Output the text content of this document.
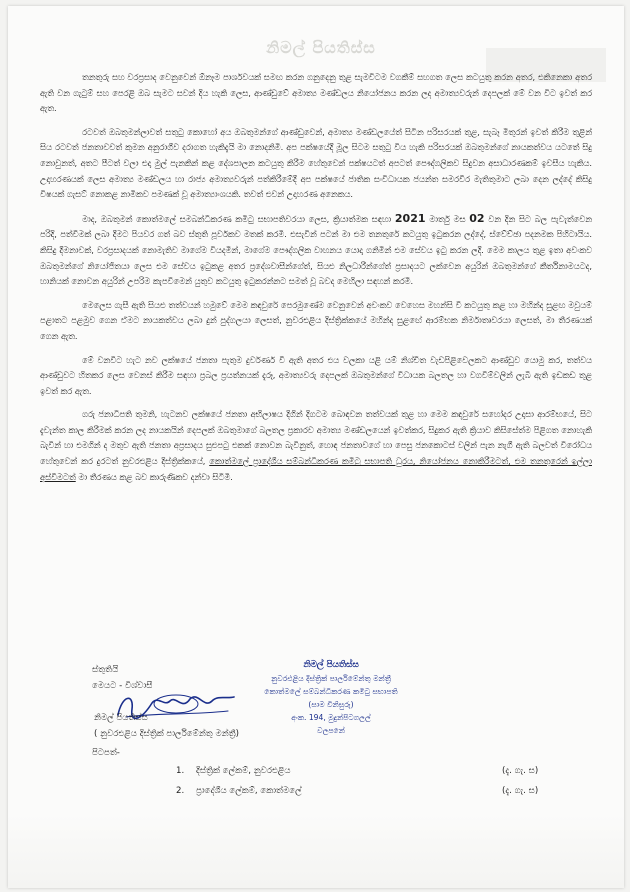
නිමල් පියතිස්ස

තනතුරු සහ වරප්‍රසාද වෙනුවෙන් ඕනෑම පාර්ශවයක් සමඟ කරන ගනුදෙනු තුළ සැමවිටම වගකීම් සහගත ලෙස කටයුතු කරන අතර, එකිනෙකා අතර ඇති වන ගැටුම් සහ පෙරළි ඔබ සැමට සවන් දිය හැකි ලෙස, ආණ්ඩුවේ අමාත්‍ය මණ්ඩලය නියෝජනය කරන ලද අමාත්‍යවරුන් දෙපලක් මේ වන විට ඉවත් කර ඇත.

රටවත් ඔබතුමන්ලාවත් සතුටු කොහෝ අය ඔබතුමන්ගේ ආණ්ඩුවෙන්, අමාත්‍ය මණ්ඩලයේත් සිටින පරිසරයක් තුළ, සැබෑ මිතුරන් ඉවත් කිරීම තුළින් සිය රටවත් ජනතාවවත් කුමන අනුරාගීව දරාගත හැකිදැයි මා නොදනිමි. අප පක්ෂයේදී මූල සිටම සතුටු විය හැකි පරිසරයක් ඔබතුමන්ගේ නායකත්වය යටතේ සිදු නොවුනත්, අතට පීටත් වලා එදා මුල් පැනකින් කළ දේශපාලන කටයුතු කිරීම හේතුවෙන් පක්ෂයටත් අපටත් පෞද්ගලිකව සිදුවන අසාධාරණකම් ඉවසීය හැකිය. උදාහරණයක් ලෙස අමාත්‍ය මණ්ඩලය හා රාජ්‍ය අමාත්‍යවරුන් පත්කිරීමේදී අප පක්ෂයේ ජාතික සංවිධායක ජයන්ත සමරවීර මැතිතුමාට ලබා දෙන ලද්දේ කිසිදු විෂයක් ගැසට් නොකළ නාමිකව පමණක් වූ අමාත්‍යාංශයකි. තවත් එවන් උදාහරණ අනෙකය.

මාද, ඔබතුමන් කොත්මලේ සමබන්ධීකරණ කමිටු සභාපතිවරයා ලෙස, ක්‍රියාත්මක සඳහා 2021 මාර්තු මස 02 වන දින සිට බල පැවැත්වෙන පරිදි, පත්වීමක් ලබා දීමට පියවර ගත් බව ස්තුති පූර්වකව මතක් කරමි. එසැවින් පටන් මා එම තනතුරේ කටයුතු ඉටුකරන ලද්දේ, ස්වේච්ඡා පදනමක පිහිටායිය. කිසිදු දීමනාවක්, වරප්‍රසාදයක් නොමැතිව මාගේම වියදමින්, මාගේම පෞද්ගලික වාහනය යොදා ගනිමින් එම සේවය ඉටු කරන ලදී. මෙම කාලය තුළ ඉතා අවංකව ඔබතුමන්ගේ නියෝජිතයා ලෙස එම සේවය ඉටුකළ අතර ප්‍රදේශවාසීන්ගේත්, සියළු නිලධාරීන්ගේත් ප්‍රසාදයට ලක්වෙන අයුරින් ඔබතුමන්ගේ කීර්තිනාමයටද, හානියක් නොවන අයුරින් උපරිම කැපවීමෙන් යුතුව කටයුතු ඉටුකරන්නට සමත් වූ බවද මෙහිලා සඳහන් කරමි.

මෙලෙස ගැසී ඇති සියළු තත්වයන් හමුවේ මෙම කඳවුරේ පෙරමුණේම වෙනුවෙන් අවංකව වෙහෙස මහන්සි වී කටයුතු කළ හා මහින්ද සුළඟ මවුයම් පළාතට පළමුව ගෙන ඒමට නායකත්වය ලබා දුන් පුද්ගලයා ලෙසත්, නුවරඑළිය දිස්ත්‍රික්කයේ මහින්ද සුළඟේ ආරම්භක නිර්මාතෘවරයා ලෙසත්, මා තීරණයක් ගෙන ඇත.

මේ වනවිට හැට නව ලක්ෂයේ ජනතා පැතුම දුර්වර්ණ වී ඇති අතර එය වලකා යළි යම් නිශ්චිත වැඩපිළිවෙලකට ආණ්ඩුව යොමු කර, තත්වය ආණ්ඩුවට හිතකර ලෙස වෙනස් කිරීම සඳහා ප්‍රබල ප්‍රයත්නයක් දැරූ, අමාත්‍යවරු දෙපලක් ඔබතුමන්ගේ විධායක බලතල හා වගවීම්වලින් ලැබී ඇති ඉඩකඩ තුළ ඉවත් කර ඇත.

ගරු ජනාධිපති තුමනි, හැටනව ලක්ෂයේ ජනතා අභිලාෂය දිගින් දිගටම බොඳවන තත්වයක් තුළ හා මෙම කඳවුරේ සහෝදර උදාසා ආරම්භයේ, සිට දැවැන්ත කාල කිරීමක් කරන ලද නායකයින් දෙපලක් ඔබතුමාගේ බලතල ප්‍රකාරව අමාත්‍ය මණ්ඩලයෙන් ඉවත්කර, සිදුකර ඇති ක්‍රියාව කිසිසේත්ම පිළිගත නොහැකි බැවින් හා එමගින් ද මතුව ඇති ජනතා අප්‍රසාදය සුළුපටු එකක් නොවන බැවිනුත්, හොඳ ජනතාවගේ හා පෙසු ජනකොටස් වලින් පැන නැගී ඇති බලවත් විරෝධය හේතුවෙන් කර දුරටත් නුවරඑළිය දිස්ත්‍රික්කයේ, කොත්මලේ ප්‍රාදේශීය සම්බන්ධීකරණ කමිටු සභාපති ධුරය, නියෝජනය නොකිරීමටත්, එම තනතුරෙන් ඉල්ලා අස්වීමටත් මා තීරණය කළ බව කාරුණිකව දන්වා සිටිමි.

ස්තුතියි
මෙයට - විශ්වාසී
නිමල් පියතිස්ස
නුවරඑළිය දිස්ත්‍රික් පාර්ලිමේන්තු මන්ත්‍රී
කොත්මලේ සම්බන්ධීකරණ කමිටු සභාපති
(සාම විනිසුරු)
අංක. 194, මුදුන්පිටගලල්
වලපනේ
නිමල් පියතිස්ස
( නුවරඑළිය දිස්ත්‍රික් පාර්ලිමේන්තු මන්ත්‍රී)
පිටපත්-
1. දිස්ත්‍රික් ලේකම්, නුවරඑළිය	(දැ. ගැ. ස)
2. ප්‍රාදේශීය ලේකම්, කොත්මලේ	(දැ. ගැ. ස)
